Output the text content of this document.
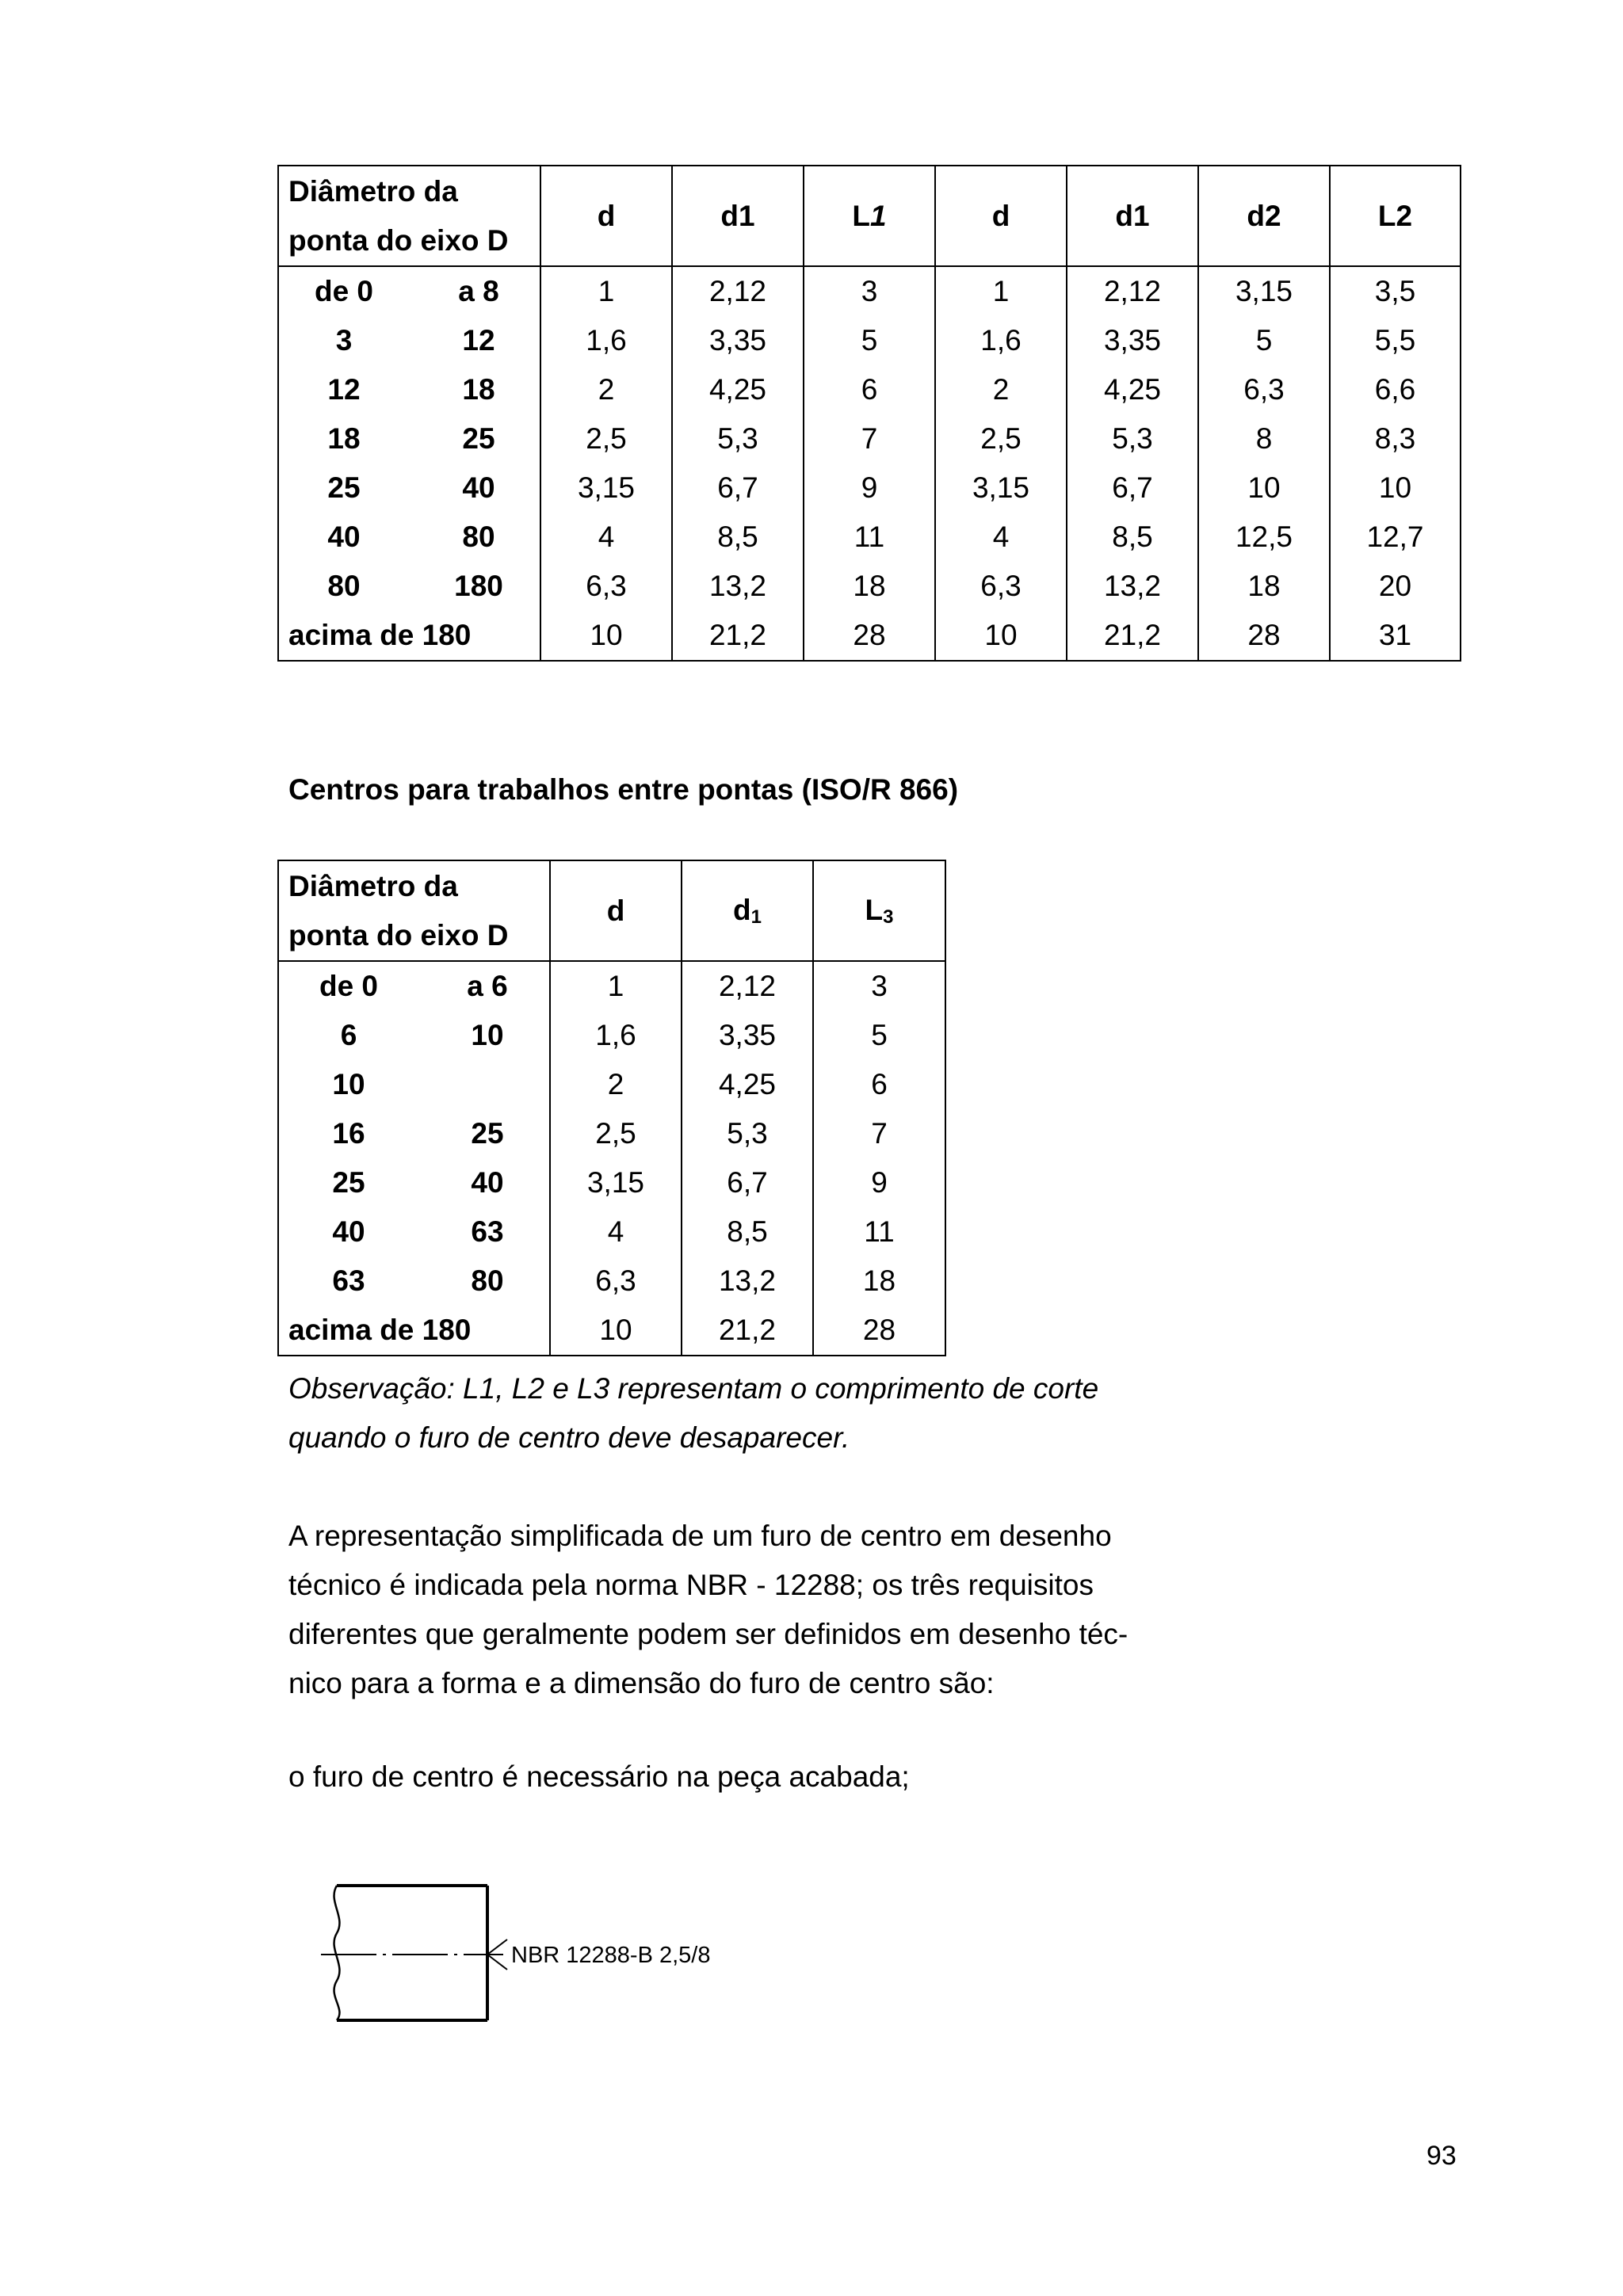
Diâmetro da
ponta do eixo D	d	d1	L1	d	d1	d2	L2

de 0 a 8	1	2,12	3	1	2,12	3,15	3,5

3 12	1,6	3,35	5	1,6	3,35	5	5,5

12 18	2	4,25	6	2	4,25	6,3	6,6

18 25	2,5	5,3	7	2,5	5,3	8	8,3

25 40	3,15	6,7	9	3,15	6,7	10	10

40 80	4	8,5	11	4	8,5	12,5	12,7

80 180	6,3	13,2	18	6,3	13,2	18	20

acima de 180	10	21,2	28	10	21,2	28	31
Centros para trabalhos entre pontas (ISO/R 866)
Diâmetro da
ponta do eixo D	d	$d_1$	$L_3$

de 0 a 6	1	2,12	3

6 10	1,6	3,35	5

10	2	4,25	6

16 25	2,5	5,3	7

25 40	3,15	6,7	9

40 63	4	8,5	11

63 80	6,3	13,2	18

acima de 180	10	21,2	28
Observação: L1, L2 e L3 representam o comprimento de corte
quando o furo de centro deve desaparecer.
A representação simplificada de um furo de centro em desenho
técnico é indicada pela norma NBR - 12288; os três requisitos
diferentes que geralmente podem ser definidos em desenho téc-
nico para a forma e a dimensão do furo de centro são:
o furo de centro é necessário na peça acabada;
NBR 12288-B 2,5/8
93
